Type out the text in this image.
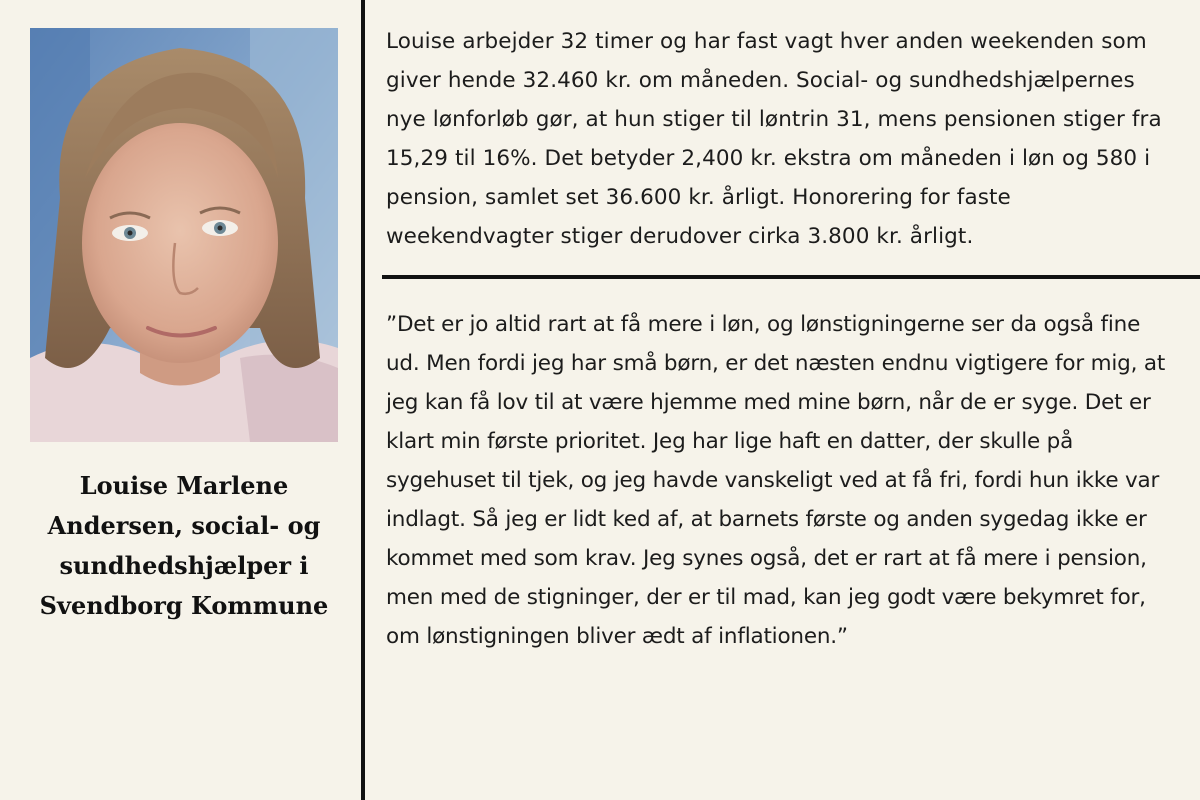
Louise Marlene Andersen, social- og sundhedshjælper i Svendborg Kommune

Louise arbejder 32 timer og har fast vagt hver anden weekenden som giver hende 32.460 kr. om måneden. Social- og sundhedshjælpernes nye lønforløb gør, at hun stiger til løntrin 31, mens pensionen stiger fra 15,29 til 16%. Det betyder 2,400 kr. ekstra om måneden i løn og 580 i pension, samlet set 36.600 kr. årligt. Honorering for faste weekendvagter stiger derudover cirka 3.800 kr. årligt.

”Det er jo altid rart at få mere i løn, og lønstigningerne ser da også fine ud. Men fordi jeg har små børn, er det næsten endnu vigtigere for mig, at jeg kan få lov til at være hjemme med mine børn, når de er syge. Det er klart min første prioritet. Jeg har lige haft en datter, der skulle på sygehuset til tjek, og jeg havde vanskeligt ved at få fri, fordi hun ikke var indlagt. Så jeg er lidt ked af, at barnets første og anden sygedag ikke er kommet med som krav. Jeg synes også, det er rart at få mere i pension, men med de stigninger, der er til mad, kan jeg godt være bekymret for, om lønstigningen bliver ædt af inflationen.”
